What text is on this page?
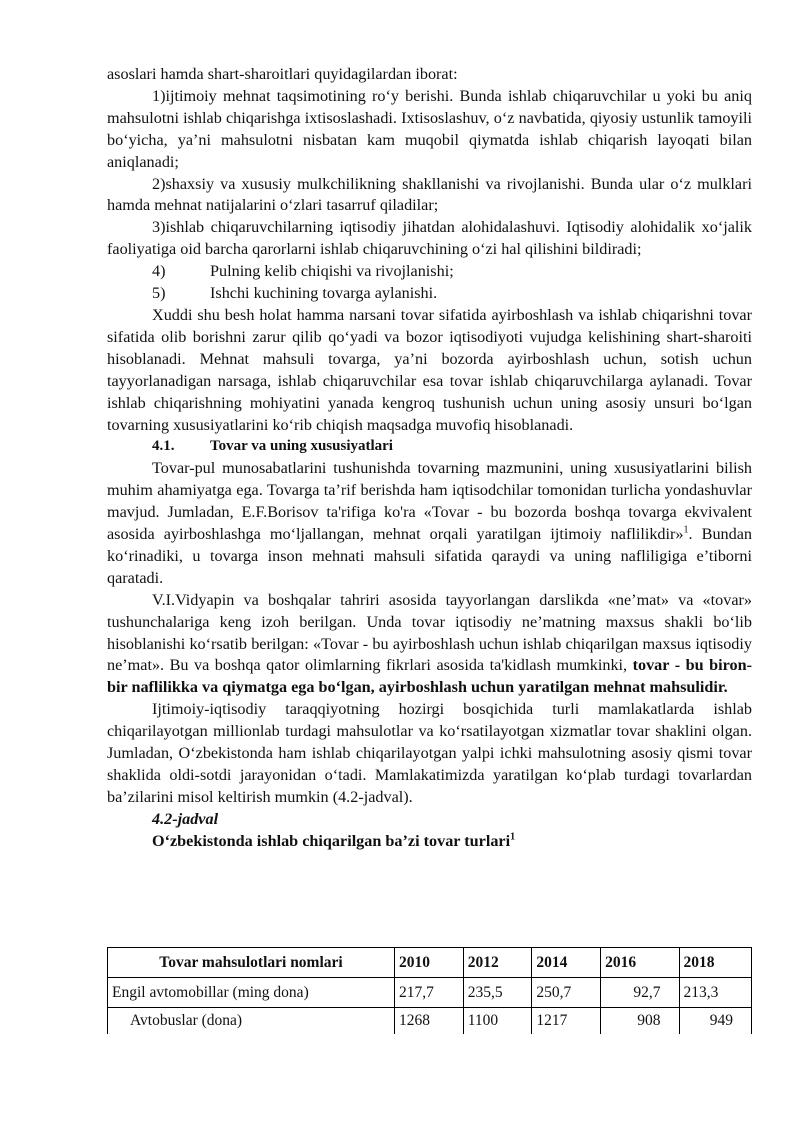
asoslari hamda shart-sharoitlari quyidagilardan iborat:

1)ijtimoiy mehnat taqsimotining ro‘y berishi. Bunda ishlab chiqaruvchilar u yoki bu aniq mahsulotni ishlab chiqarishga ixtisoslashadi. Ixtisoslashuv, o‘z navbatida, qiyosiy ustunlik tamoyili bo‘yicha, ya’ni mahsulotni nisbatan kam muqobil qiymatda ishlab chiqarish layoqati bilan aniqlanadi;

2)shaxsiy va xususiy mulkchilikning shakllanishi va rivojlanishi. Bunda ular o‘z mulklari hamda mehnat natijalarini o‘zlari tasarruf qiladilar;

3)ishlab chiqaruvchilarning iqtisodiy jihatdan alohidalashuvi. Iqtisodiy alohidalik xo‘jalik faoliyatiga oid barcha qarorlarni ishlab chiqaruvchining o‘zi hal qilishini bildiradi;

4)	Pulning kelib chiqishi va rivojlanishi;

5)	Ishchi kuchining tovarga aylanishi.

Xuddi shu besh holat hamma narsani tovar sifatida ayirboshlash va ishlab chiqarishni tovar sifatida olib borishni zarur qilib qo‘yadi va bozor iqtisodiyoti vujudga kelishining shart-sharoiti hisoblanadi. Mehnat mahsuli tovarga, ya’ni bozorda ayirboshlash uchun, sotish uchun tayyorlanadigan narsaga, ishlab chiqaruvchilar esa tovar ishlab chiqaruvchilarga aylanadi. Tovar ishlab chiqarishning mohiyatini yanada kengroq tushunish uchun uning asosiy unsuri bo‘lgan tovarning xususiyatlarini ko‘rib chiqish maqsadga muvofiq hisoblanadi.

4.1.	Tovar va uning xususiyatlari

Tovar-pul munosabatlarini tushunishda tovarning mazmunini, uning xususiyatlarini bilish muhim ahamiyatga ega. Tovarga ta’rif berishda ham iqtisodchilar tomonidan turlicha yondashuvlar mavjud. Jumladan, E.F.Borisov ta'rifiga ko'ra «Tovar - bu bozorda boshqa tovarga ekvivalent asosida ayirboshlashga mo‘ljallangan, mehnat orqali yaratilgan ijtimoiy naflilikdir»$^1$. Bundan ko‘rinadiki, u tovarga inson mehnati mahsuli sifatida qaraydi va uning nafliligiga e’tiborni qaratadi.

V.I.Vidyapin va boshqalar tahriri asosida tayyorlangan darslikda «ne’mat» va «tovar» tushunchalariga keng izoh berilgan. Unda tovar iqtisodiy ne’matning maxsus shakli bo‘lib hisoblanishi ko‘rsatib berilgan: «Tovar - bu ayirboshlash uchun ishlab chiqarilgan maxsus iqtisodiy ne’mat». Bu va boshqa qator olimlarning fikrlari asosida ta'kidlash mumkinki, tovar - bu biron-bir naflilikka va qiymatga ega bo‘lgan, ayirboshlash uchun yaratilgan mehnat mahsulidir.

Ijtimoiy-iqtisodiy taraqqiyotning hozirgi bosqichida turli mamlakatlarda ishlab chiqarilayotgan millionlab turdagi mahsulotlar va ko‘rsatilayotgan xizmatlar tovar shaklini olgan. Jumladan, O‘zbekistonda ham ishlab chiqarilayotgan yalpi ichki mahsulotning asosiy qismi tovar shaklida oldi-sotdi jarayonidan o‘tadi. Mamlakatimizda yaratilgan ko‘plab turdagi tovarlardan ba’zilarini misol keltirish mumkin (4.2-jadval).

4.2-jadval

O‘zbekistonda ishlab chiqarilgan ba’zi tovar turlari$^1$

Tovar mahsulotlari nomlari	2010	2012	2014	2016	2018
Engil avtomobillar (ming dona)	217,7	235,5	250,7	92,7	213,3
Avtobuslar (dona)	1268	1100	1217	908	949
